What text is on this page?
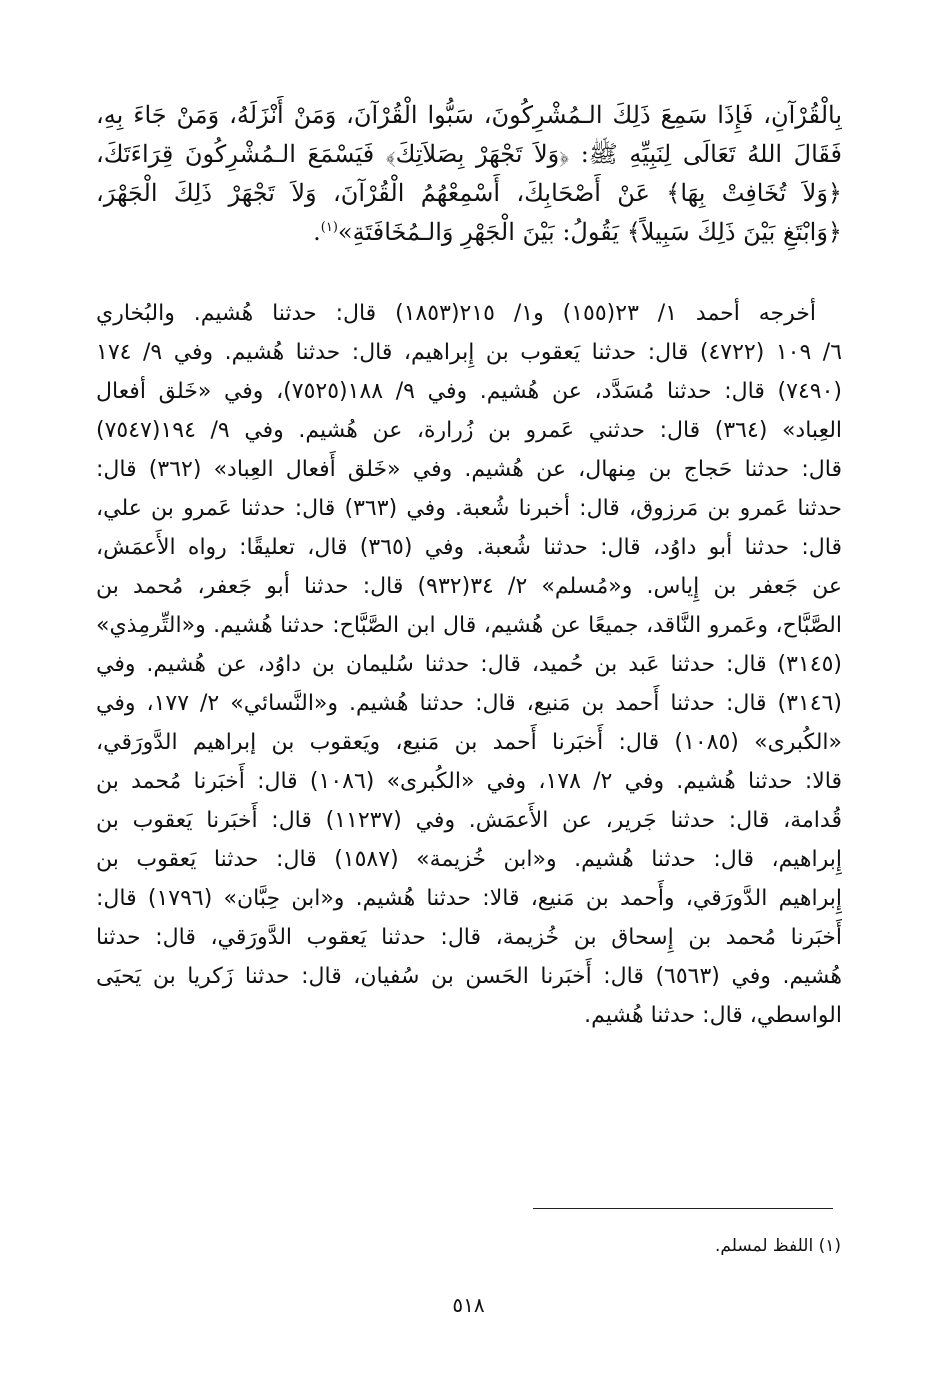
بِالْقُرْآنِ، فَإِذَا سَمِعَ ذَلِكَ الـمُشْرِكُونَ، سَبُّوا الْقُرْآنَ، وَمَنْ أَنْزَلَهُ، وَمَنْ جَاءَ بِهِ،
فَقَالَ اللهُ تَعَالَى لِنَبِيِّهِ ﷺ: ﴿وَلاَ تَجْهَرْ بِصَلاَتِكَ﴾ فَيَسْمَعَ الـمُشْرِكُونَ قِرَاءَتَكَ،
﴿وَلاَ تُخَافِتْ بِهَا﴾ عَنْ أَصْحَابِكَ، أَسْمِعْهُمُ الْقُرْآنَ، وَلاَ تَجْهَرْ ذَلِكَ الْجَهْرَ،
﴿وَابْتَغِ بَيْنَ ذَلِكَ سَبِيلاً﴾ يَقُولُ: بَيْنَ الْجَهْرِ وَالـمُخَافَتَةِ»$^{(١)}$.
أخرجه أحمد ١/ ٢٣(١٥٥) و١/ ٢١٥(١٨٥٣) قال: حدثنا هُشيم. والبُخاري
٦/ ١٠٩ (٤٧٢٢) قال: حدثنا يَعقوب بن إِبراهيم، قال: حدثنا هُشيم. وفي ٩/ ١٧٤
(٧٤٩٠) قال: حدثنا مُسَدَّد، عن هُشيم. وفي ٩/ ١٨٨(٧٥٢٥)، وفي «خَلق أفعال
العِباد» (٣٦٤) قال: حدثني عَمرو بن زُرارة، عن هُشيم. وفي ٩/ ١٩٤(٧٥٤٧)
قال: حدثنا حَجاج بن مِنهال، عن هُشيم. وفي «خَلق أَفعال العِباد» (٣٦٢) قال:
حدثنا عَمرو بن مَرزوق، قال: أخبرنا شُعبة. وفي (٣٦٣) قال: حدثنا عَمرو بن علي،
قال: حدثنا أبو داوُد، قال: حدثنا شُعبة. وفي (٣٦٥) قال، تعليقًا: رواه الأَعمَش،
عن جَعفر بن إِياس. و«مُسلم» ٢/ ٣٤(٩٣٢) قال: حدثنا أبو جَعفر، مُحمد بن
الصَّبَّاح، وعَمرو النَّاقد، جميعًا عن هُشيم، قال ابن الصَّبَّاح: حدثنا هُشيم. و«التِّرمِذي»
(٣١٤٥) قال: حدثنا عَبد بن حُميد، قال: حدثنا سُليمان بن داوُد، عن هُشيم. وفي
(٣١٤٦) قال: حدثنا أَحمد بن مَنيع، قال: حدثنا هُشيم. و«النَّسائي» ٢/ ١٧٧، وفي
«الكُبرى» (١٠٨٥) قال: أَخبَرنا أَحمد بن مَنيع، ويَعقوب بن إبراهيم الدَّورَقي،
قالا: حدثنا هُشيم. وفي ٢/ ١٧٨، وفي «الكُبرى» (١٠٨٦) قال: أَخبَرنا مُحمد بن
قُدامة، قال: حدثنا جَرير، عن الأَعمَش. وفي (١١٢٣٧) قال: أَخبَرنا يَعقوب بن
إِبراهيم، قال: حدثنا هُشيم. و«ابن خُزيمة» (١٥٨٧) قال: حدثنا يَعقوب بن
إِبراهيم الدَّورَقي، وأَحمد بن مَنيع، قالا: حدثنا هُشيم. و«ابن حِبَّان» (١٧٩٦) قال:
أَخبَرنا مُحمد بن إِسحاق بن خُزيمة، قال: حدثنا يَعقوب الدَّورَقي، قال: حدثنا
هُشيم. وفي (٦٥٦٣) قال: أَخبَرنا الحَسن بن سُفيان، قال: حدثنا زَكريا بن يَحيَى
الواسطي، قال: حدثنا هُشيم.
(١) اللفظ لمسلم.
٥١٨
